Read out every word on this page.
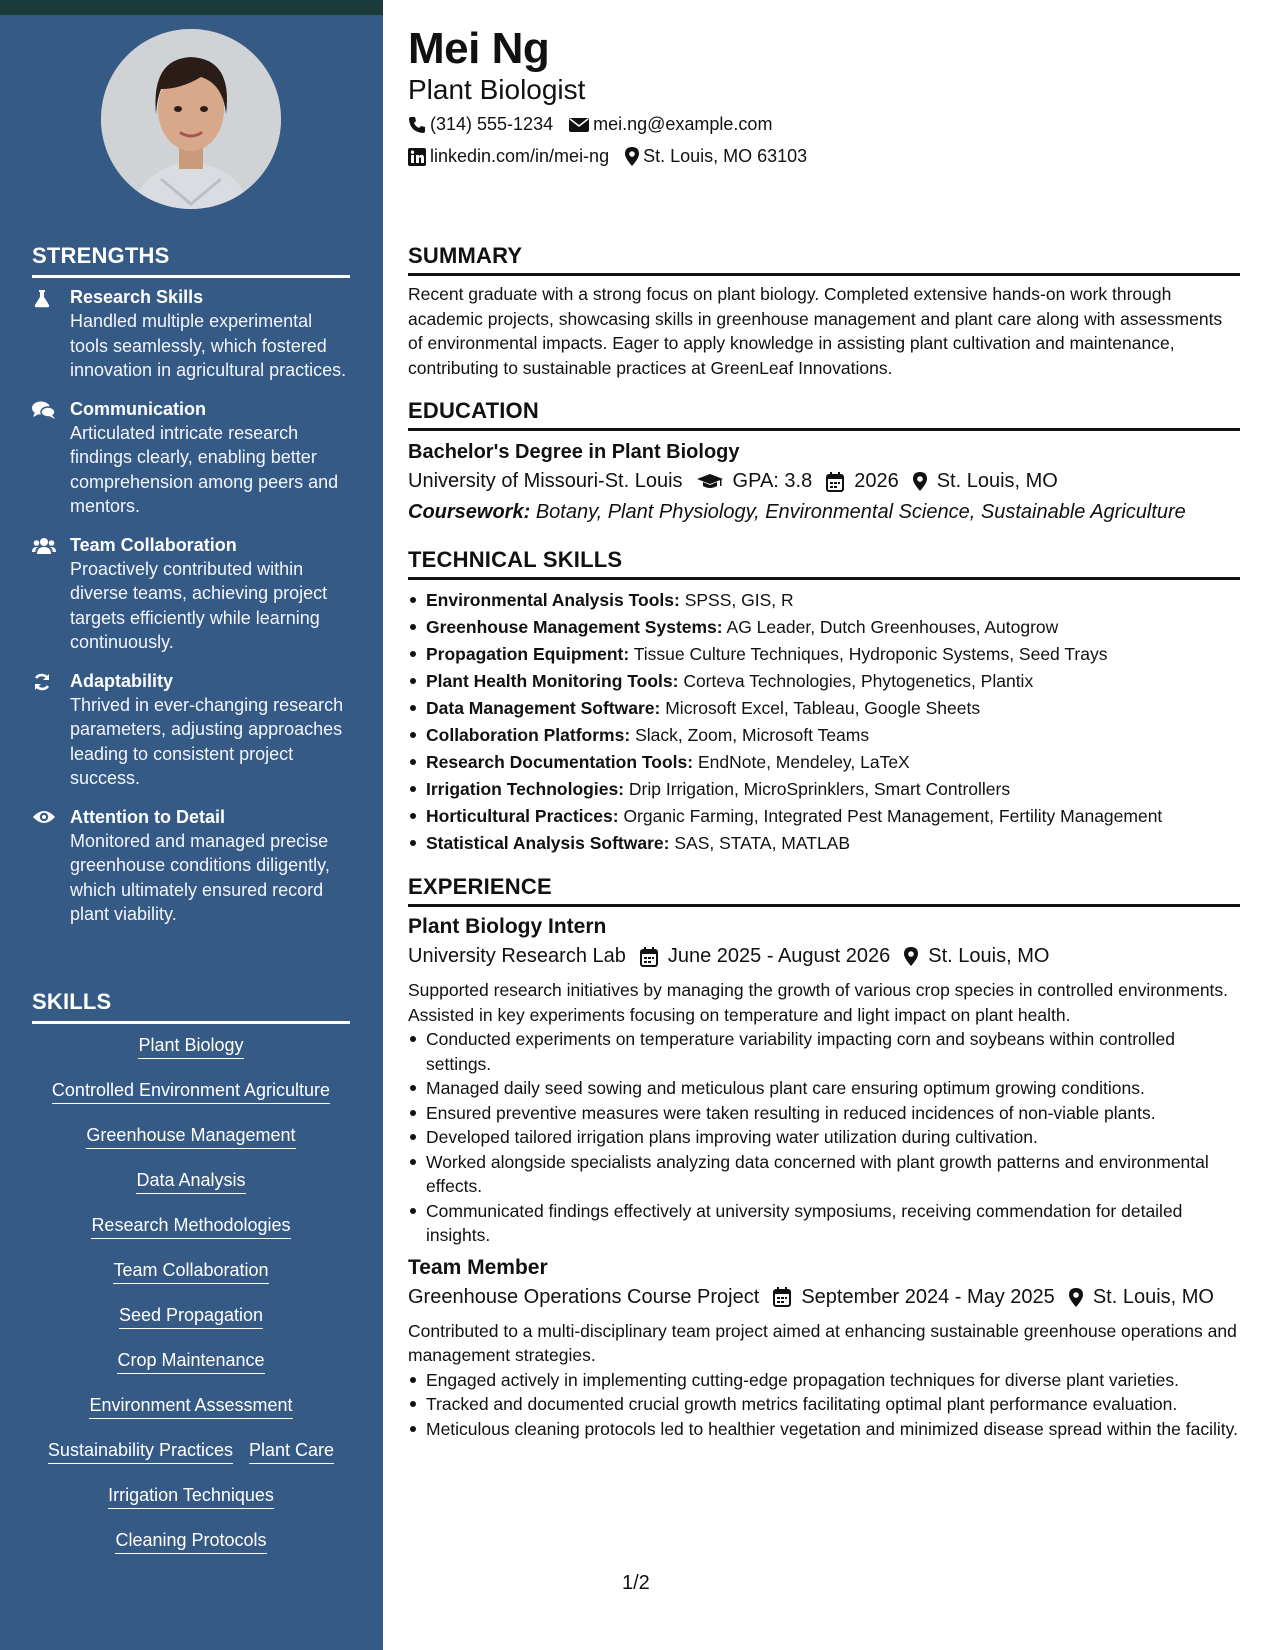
STRENGTHS
Research Skills
Handled multiple experimental tools seamlessly, which fostered innovation in agricultural practices.
Communication
Articulated intricate research findings clearly, enabling better comprehension among peers and mentors.
Team Collaboration
Proactively contributed within diverse teams, achieving project targets efficiently while learning continuously.
Adaptability
Thrived in ever-changing research parameters, adjusting approaches leading to consistent project success.
Attention to Detail
Monitored and managed precise greenhouse conditions diligently, which ultimately ensured record plant viability.
SKILLS
Plant Biology
Controlled Environment Agriculture
Greenhouse Management
Data Analysis
Research Methodologies
Team Collaboration
Seed Propagation
Crop Maintenance
Environment Assessment
Sustainability Practices Plant Care
Irrigation Techniques
Cleaning Protocols
Mei Ng
Plant Biologist
(314) 555-1234 mei.ng@example.com
linkedin.com/in/mei-ng St. Louis, MO 63103
SUMMARY
Recent graduate with a strong focus on plant biology. Completed extensive hands-on work through academic projects, showcasing skills in greenhouse management and plant care along with assessments of environmental impacts. Eager to apply knowledge in assisting plant cultivation and maintenance, contributing to sustainable practices at GreenLeaf Innovations.
EDUCATION
Bachelor's Degree in Plant Biology
University of Missouri-St. Louis	GPA: 3.8 2026 St. Louis, MO
Coursework: Botany, Plant Physiology, Environmental Science, Sustainable Agriculture
TECHNICAL SKILLS
Environmental Analysis Tools: SPSS, GIS, R
Greenhouse Management Systems: AG Leader, Dutch Greenhouses, Autogrow
Propagation Equipment: Tissue Culture Techniques, Hydroponic Systems, Seed Trays
Plant Health Monitoring Tools: Corteva Technologies, Phytogenetics, Plantix
Data Management Software: Microsoft Excel, Tableau, Google Sheets
Collaboration Platforms: Slack, Zoom, Microsoft Teams
Research Documentation Tools: EndNote, Mendeley, LaTeX
Irrigation Technologies: Drip Irrigation, MicroSprinklers, Smart Controllers
Horticultural Practices: Organic Farming, Integrated Pest Management, Fertility Management
Statistical Analysis Software: SAS, STATA, MATLAB
EXPERIENCE
Plant Biology Intern
University Research Lab June 2025 - August 2026 St. Louis, MO
Supported research initiatives by managing the growth of various crop species in controlled environments. Assisted in key experiments focusing on temperature and light impact on plant health.
Conducted experiments on temperature variability impacting corn and soybeans within controlled settings.
Managed daily seed sowing and meticulous plant care ensuring optimum growing conditions.
Ensured preventive measures were taken resulting in reduced incidences of non-viable plants.
Developed tailored irrigation plans improving water utilization during cultivation.
Worked alongside specialists analyzing data concerned with plant growth patterns and environmental effects.
Communicated findings effectively at university symposiums, receiving commendation for detailed insights.
Team Member
Greenhouse Operations Course Project September 2024 - May 2025 St. Louis, MO
Contributed to a multi-disciplinary team project aimed at enhancing sustainable greenhouse operations and management strategies.
Engaged actively in implementing cutting-edge propagation techniques for diverse plant varieties.
Tracked and documented crucial growth metrics facilitating optimal plant performance evaluation.
Meticulous cleaning protocols led to healthier vegetation and minimized disease spread within the facility.
1/2
